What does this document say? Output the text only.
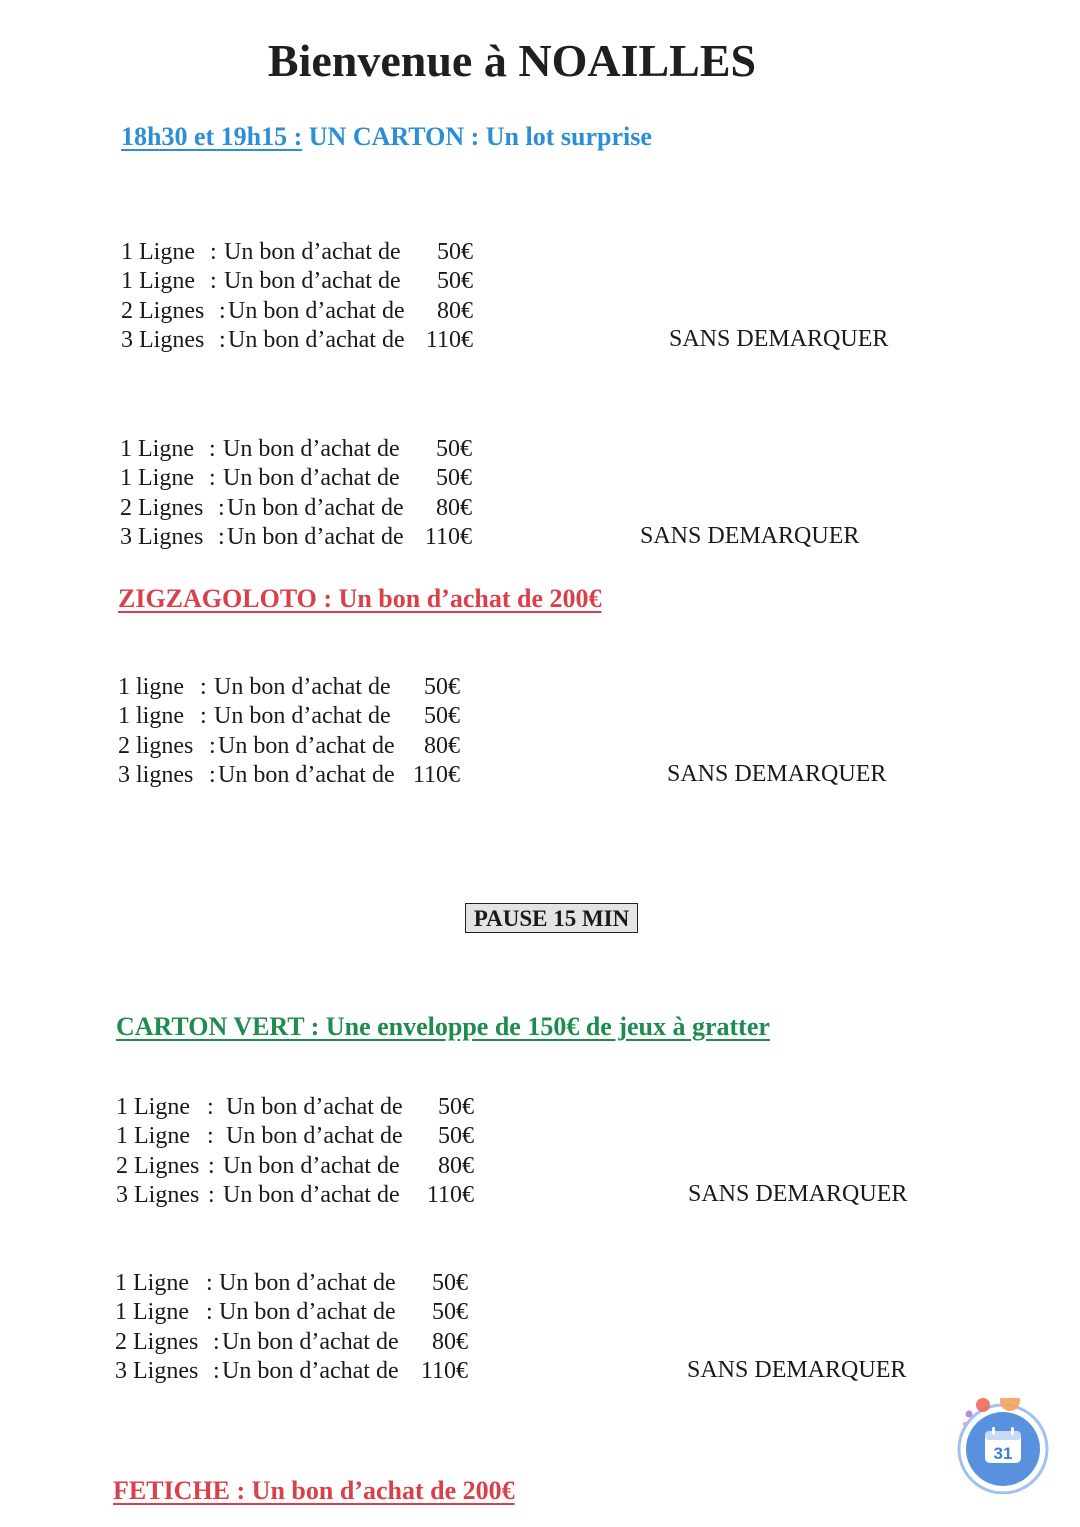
Bienvenue à NOAILLES
18h30 et 19h15 : UN CARTON : Un lot surprise
1 Ligne : Un bon d’achat de	50€
1 Ligne : Un bon d’achat de	50€
2 Lignes : Un bon d’achat de	80€
3 Lignes : Un bon d’achat de 110€	SANS DEMARQUER
1 Ligne : Un bon d’achat de	50€
1 Ligne : Un bon d’achat de	50€
2 Lignes : Un bon d’achat de	80€
3 Lignes : Un bon d’achat de 110€	SANS DEMARQUER
ZIGZAGOLOTO : Un bon d’achat de 200€
1 ligne : Un bon d’achat de	50€
1 ligne : Un bon d’achat de	50€
2 lignes : Un bon d’achat de	80€
3 lignes : Un bon d’achat de 110€	SANS DEMARQUER
PAUSE 15 MIN
CARTON VERT : Une enveloppe de 150€ de jeux à gratter
1 Ligne : Un bon d’achat de	50€
1 Ligne : Un bon d’achat de	50€
2 Lignes : Un bon d’achat de	80€
3 Lignes : Un bon d’achat de	110€	SANS DEMARQUER
1 Ligne : Un bon d’achat de	50€
1 Ligne : Un bon d’achat de	50€
2 Lignes : Un bon d’achat de	80€
3 Lignes : Un bon d’achat de 110€	SANS DEMARQUER
FETICHE : Un bon d’achat de 200€
31
